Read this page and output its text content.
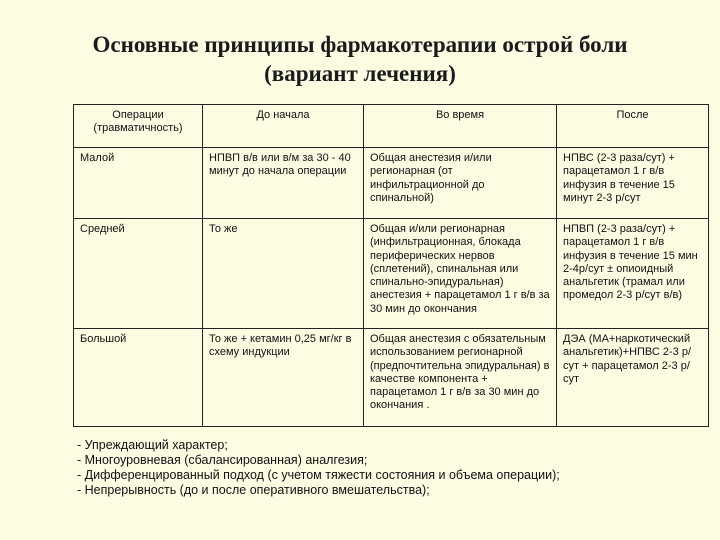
Основные принципы фармакотерапии острой боли
(вариант лечения)
Операции (травматичность)	До начала	Во время	После
Малой	НПВП в/в или в/м за 30 - 40 минут до начала операции	Общая анестезия и/или регионарная (от инфильтрационной до спинальной)	НПВС (2-3 раза/сут) + парацетамол 1 г в/в инфузия в течение 15 минут 2-3 р/сут
Средней	То же	Общая и/или регионарная (инфильтрационная, блокада периферических нервов (сплетений), спинальная или спинально-эпидуральная) анестезия + парацетамол 1 г в/в за 30 мин до окончания	НПВП (2-3 раза/сут) + парацетамол 1 г в/в инфузия в течение 15 мин 2-4р/сут ± опиоидный анальгетик (трамал или промедол 2-3 р/сут в/в)
Большой	То же + кетамин 0,25 мг/кг в схему индукции	Общая анестезия с обязательным использованием регионарной (предпочтительна эпидуральная) в качестве компонента + парацетамол 1 г в/в за 30 мин до окончания .	ДЭА (МА+наркотический анальгетик)+НПВС 2-3 р/сут + парацетамол 2-3 р/сут
- Упреждающий характер;
- Многоуровневая (сбалансированная) аналгезия;
- Дифференцированный подход (с учетом тяжести состояния и объема операции);
- Непрерывность (до и после оперативного вмешательства);
